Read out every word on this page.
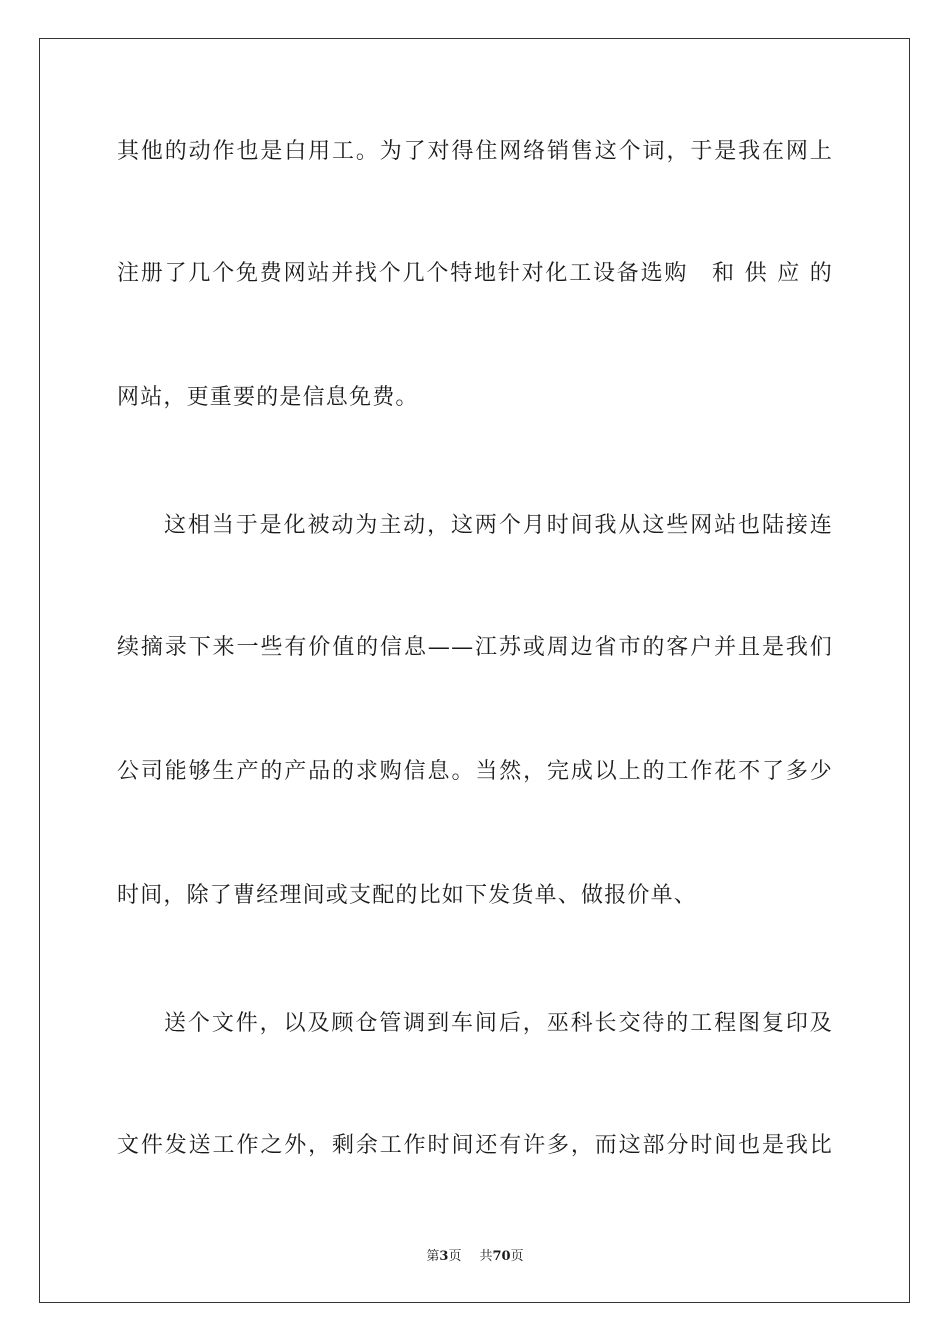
其他的动作也是白用工。为了对得住网络销售这个词，于是我在网上
注册了几个免费网站并找个几个特地针对化工设备选购　和 供 应 的
网站，更重要的是信息免费。
这相当于是化被动为主动，这两个月时间我从这些网站也陆接连
续摘录下来一些有价值的信息——江苏或周边省市的客户并且是我们
公司能够生产的产品的求购信息。当然，完成以上的工作花不了多少
时间，除了曹经理间或支配的比如下发货单、做报价单、
送个文件，以及顾仓管调到车间后，巫科长交待的工程图复印及
文件发送工作之外，剩余工作时间还有许多，而这部分时间也是我比
第3页 共70页
